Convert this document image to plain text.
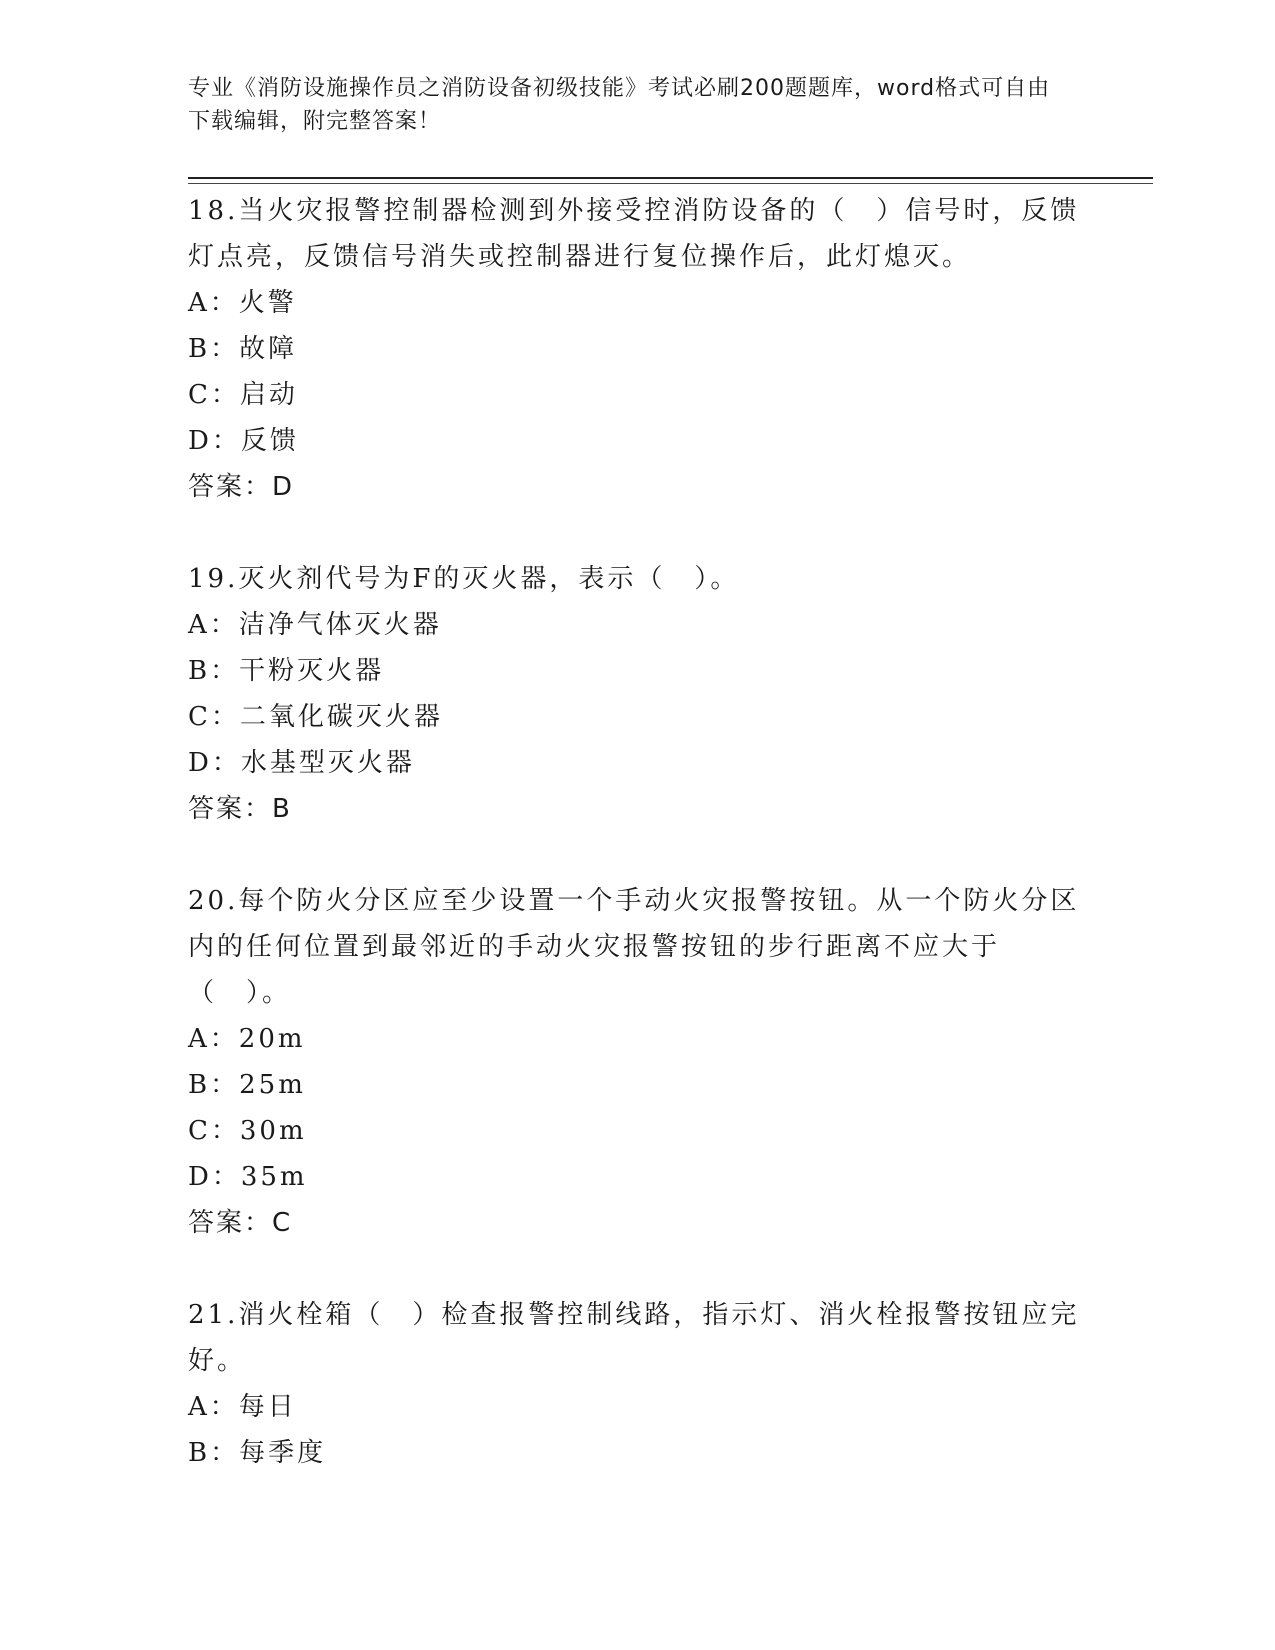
专业《消防设施操作员之消防设备初级技能》考试必刷200题题库，word格式可自由下载编辑，附完整答案！

18.当火灾报警控制器检测到外接受控消防设备的（　）信号时，反馈灯点亮，反馈信号消失或控制器进行复位操作后，此灯熄灭。

A：火警

B：故障

C：启动

D：反馈

答案：D

19.灭火剂代号为F的灭火器，表示（　）。

A：洁净气体灭火器

B：干粉灭火器

C：二氧化碳灭火器

D：水基型灭火器

答案：B

20.每个防火分区应至少设置一个手动火灾报警按钮。从一个防火分区内的任何位置到最邻近的手动火灾报警按钮的步行距离不应大于（　）。

A：20m

B：25m

C：30m

D：35m

答案：C

21.消火栓箱（　）检查报警控制线路，指示灯、消火栓报警按钮应完好。

A：每日

B：每季度
